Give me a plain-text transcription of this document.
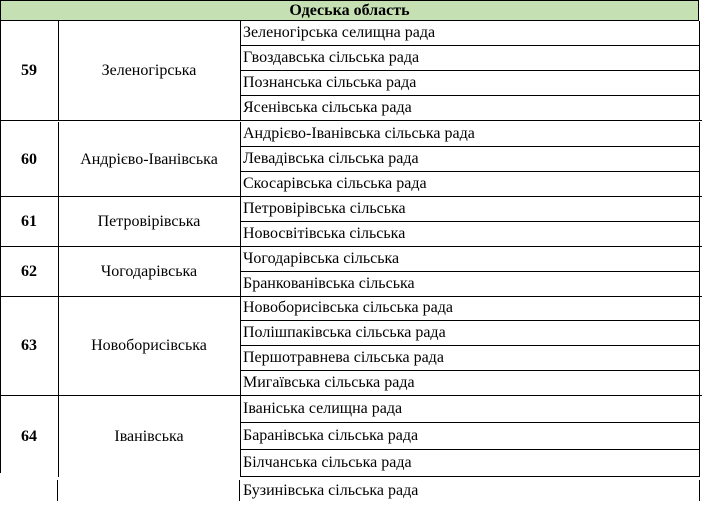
Одеська область
59	Зеленогірська
Зеленогірська селищна рада
Гвоздавська сільська рада
Познанська сільська рада
Ясенівська сільська рада
60	Андрієво-Іванівська
Андрієво-Іванівська сільська рада
Левадівська сільська рада
Скосарівська сільська рада
61	Петровірівська
Петровірівська сільська
Новосвітівська сільська
62	Чогодарівська
Чогодарівська сільська
Бранкованівська сільська
63	Новоборисівська
Новоборисівська сільська рада
Полішпаківська сільська рада
Першотравнева сільська рада
Мигаївська сільська рада
64	Іванівська
Іваніська селищна рада
Баранівська сільська рада
Білчанська сільська рада
Бузинівська сільська рада
